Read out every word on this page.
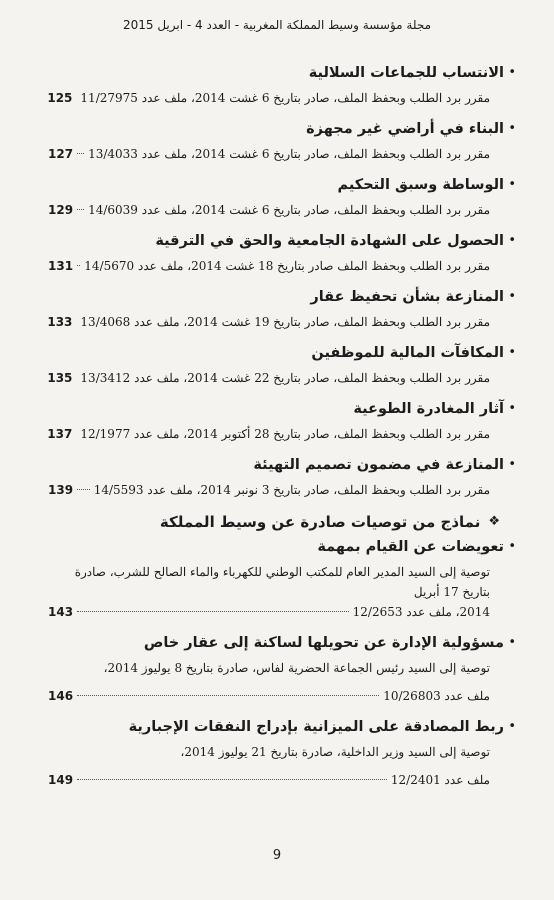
مجلة مؤسسة وسيط المملكة المغربية - العدد 4 - ابريل 2015
•
الانتساب للجماعات السلالية
مقرر برد الطلب وبحفظ الملف، صادر بتاريخ 6 غشت 2014، ملف عدد 11/27975
125
•
البناء في أراضي غير مجهزة
مقرر برد الطلب وبحفظ الملف، صادر بتاريخ 6 غشت 2014، ملف عدد 13/4033
127
•
الوساطة وسبق التحكيم
مقرر برد الطلب وبحفظ الملف، صادر بتاريخ 6 غشت 2014، ملف عدد 14/6039
129
•
الحصول على الشهادة الجامعية والحق في الترقية
مقرر برد الطلب وبحفظ الملف صادر بتاريخ 18 غشت 2014، ملف عدد 14/5670
131
•
المنازعة بشأن تحفيظ عقار
مقرر برد الطلب وبحفظ الملف، صادر بتاريخ 19 غشت 2014، ملف عدد 13/4068
133
•
المكافآت المالية للموظفين
مقرر برد الطلب وبحفظ الملف، صادر بتاريخ 22 غشت 2014، ملف عدد 13/3412
135
•
آثار المغادرة الطوعية
مقرر برد الطلب وبحفظ الملف، صادر بتاريخ 28 أكتوبر 2014، ملف عدد 12/1977
137
•
المنازعة في مضمون تصميم التهيئة
مقرر برد الطلب وبحفظ الملف، صادر بتاريخ 3 نونبر 2014، ملف عدد 14/5593
139
❖
نماذج من توصيات صادرة عن وسيط المملكة
•
تعويضات عن القيام بمهمة
توصية إلى السيد المدير العام للمكتب الوطني للكهرباء والماء الصالح للشرب، صادرة بتاريخ 17 أبريل
2014، ملف عدد 12/2653
143
•
مسؤولية الإدارة عن تحويلها لساكنة إلى عقار خاص
توصية إلى السيد رئيس الجماعة الحضرية لفاس، صادرة بتاريخ 8 يوليوز 2014،
ملف عدد 10/26803
146
•
ربط المصادقة على الميزانية بإدراج النفقات الإجبارية
توصية إلى السيد وزير الداخلية، صادرة بتاريخ 21 يوليوز 2014،
ملف عدد 12/2401
149
9
